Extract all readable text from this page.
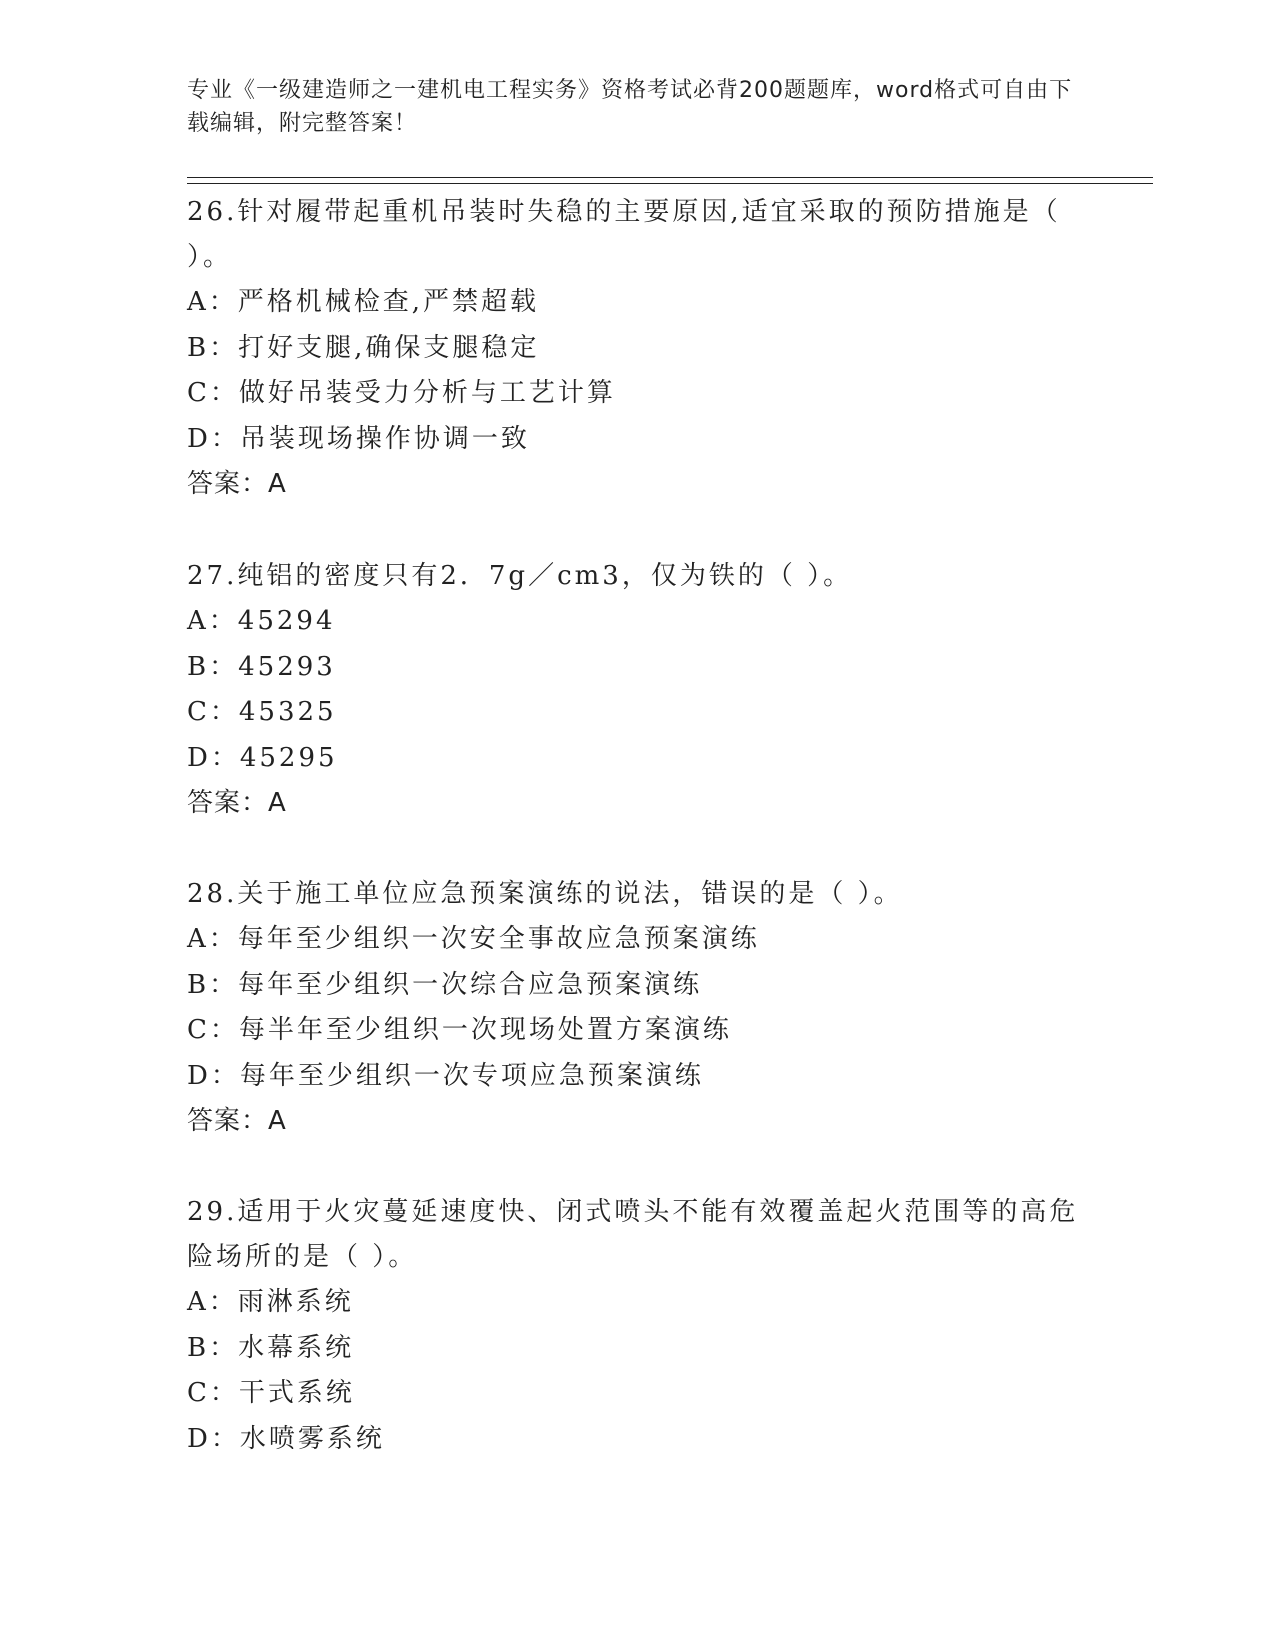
专业《一级建造师之一建机电工程实务》资格考试必背200题题库，word格式可自由下载编辑，附完整答案！
26.针对履带起重机吊装时失稳的主要原因,适宜采取的预防措施是（ ）。
A：严格机械检查,严禁超载
B：打好支腿,确保支腿稳定
C：做好吊装受力分析与工艺计算
D：吊装现场操作协调一致
答案：A
27.纯铝的密度只有2．7g／cm3，仅为铁的（ ）。
A：45294
B：45293
C：45325
D：45295
答案：A
28.关于施工单位应急预案演练的说法，错误的是（ ）。
A：每年至少组织一次安全事故应急预案演练
B：每年至少组织一次综合应急预案演练
C：每半年至少组织一次现场处置方案演练
D：每年至少组织一次专项应急预案演练
答案：A
29.适用于火灾蔓延速度快、闭式喷头不能有效覆盖起火范围等的高危险场所的是（ ）。
A：雨淋系统
B：水幕系统
C：干式系统
D：水喷雾系统
